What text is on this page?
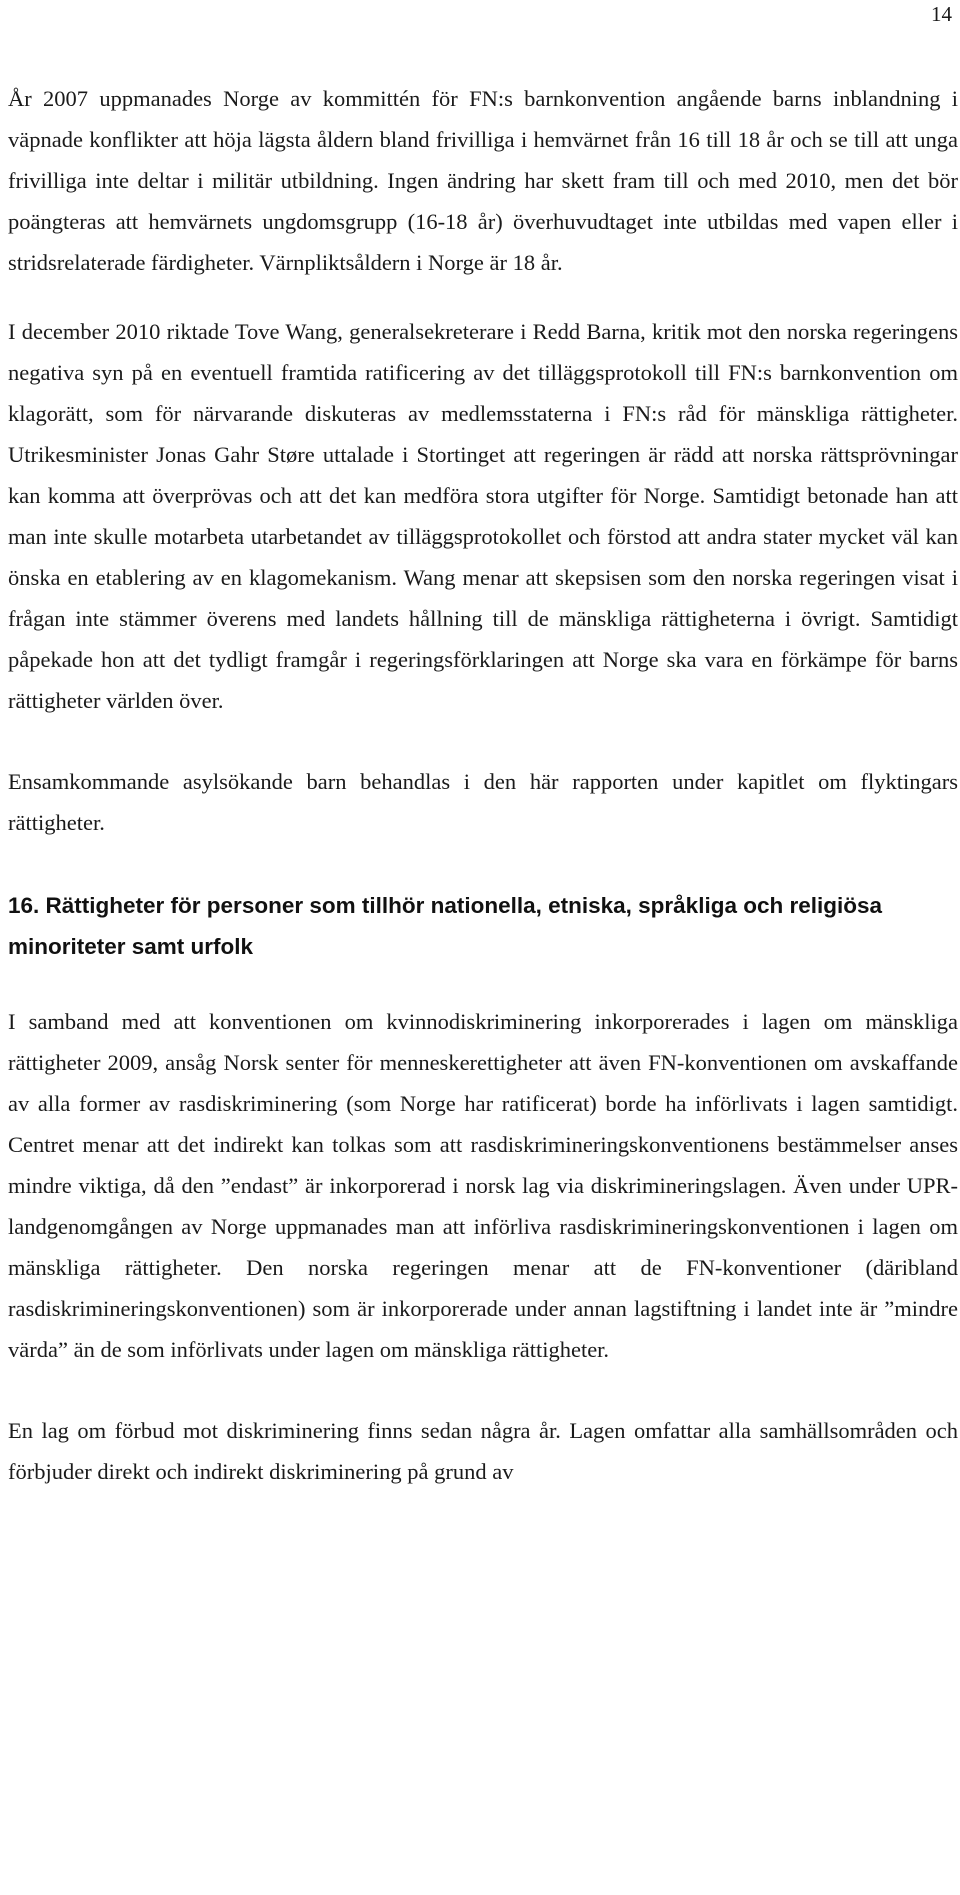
14

År 2007 uppmanades Norge av kommittén för FN:s barnkonvention angående barns inblandning i väpnade konflikter att höja lägsta åldern bland frivilliga i hemvärnet från 16 till 18 år och se till att unga frivilliga inte deltar i militär utbildning. Ingen ändring har skett fram till och med 2010, men det bör poängteras att hemvärnets ungdomsgrupp (16-18 år) överhuvudtaget inte utbildas med vapen eller i stridsrelaterade färdigheter. Värnpliktsåldern i Norge är 18 år.

I december 2010 riktade Tove Wang, generalsekreterare i Redd Barna, kritik mot den norska regeringens negativa syn på en eventuell framtida ratificering av det tilläggsprotokoll till FN:s barnkonvention om klagorätt, som för närvarande diskuteras av medlemsstaterna i FN:s råd för mänskliga rättigheter. Utrikesminister Jonas Gahr Støre uttalade i Stortinget att regeringen är rädd att norska rättsprövningar kan komma att överprövas och att det kan medföra stora utgifter för Norge. Samtidigt betonade han att man inte skulle motarbeta utarbetandet av tilläggsprotokollet och förstod att andra stater mycket väl kan önska en etablering av en klagomekanism. Wang menar att skepsisen som den norska regeringen visat i frågan inte stämmer överens med landets hållning till de mänskliga rättigheterna i övrigt. Samtidigt påpekade hon att det tydligt framgår i regeringsförklaringen att Norge ska vara en förkämpe för barns rättigheter världen över.

Ensamkommande asylsökande barn behandlas i den här rapporten under kapitlet om flyktingars rättigheter.

16. Rättigheter för personer som tillhör nationella, etniska, språkliga och religiösa minoriteter samt urfolk

I samband med att konventionen om kvinnodiskriminering inkorporerades i lagen om mänskliga rättigheter 2009, ansåg Norsk senter för menneskerettigheter att även FN-konventionen om avskaffande av alla former av rasdiskriminering (som Norge har ratificerat) borde ha införlivats i lagen samtidigt. Centret menar att det indirekt kan tolkas som att rasdiskrimineringskonventionens bestämmelser anses mindre viktiga, då den ”endast” är inkorporerad i norsk lag via diskrimineringslagen. Även under UPR-landgenomgången av Norge uppmanades man att införliva rasdiskrimineringskonventionen i lagen om mänskliga rättigheter. Den norska regeringen menar att de FN-konventioner (däribland rasdiskrimineringskonventionen) som är inkorporerade under annan lagstiftning i landet inte är ”mindre värda” än de som införlivats under lagen om mänskliga rättigheter.

En lag om förbud mot diskriminering finns sedan några år. Lagen omfattar alla samhällsområden och förbjuder direkt och indirekt diskriminering på grund av
